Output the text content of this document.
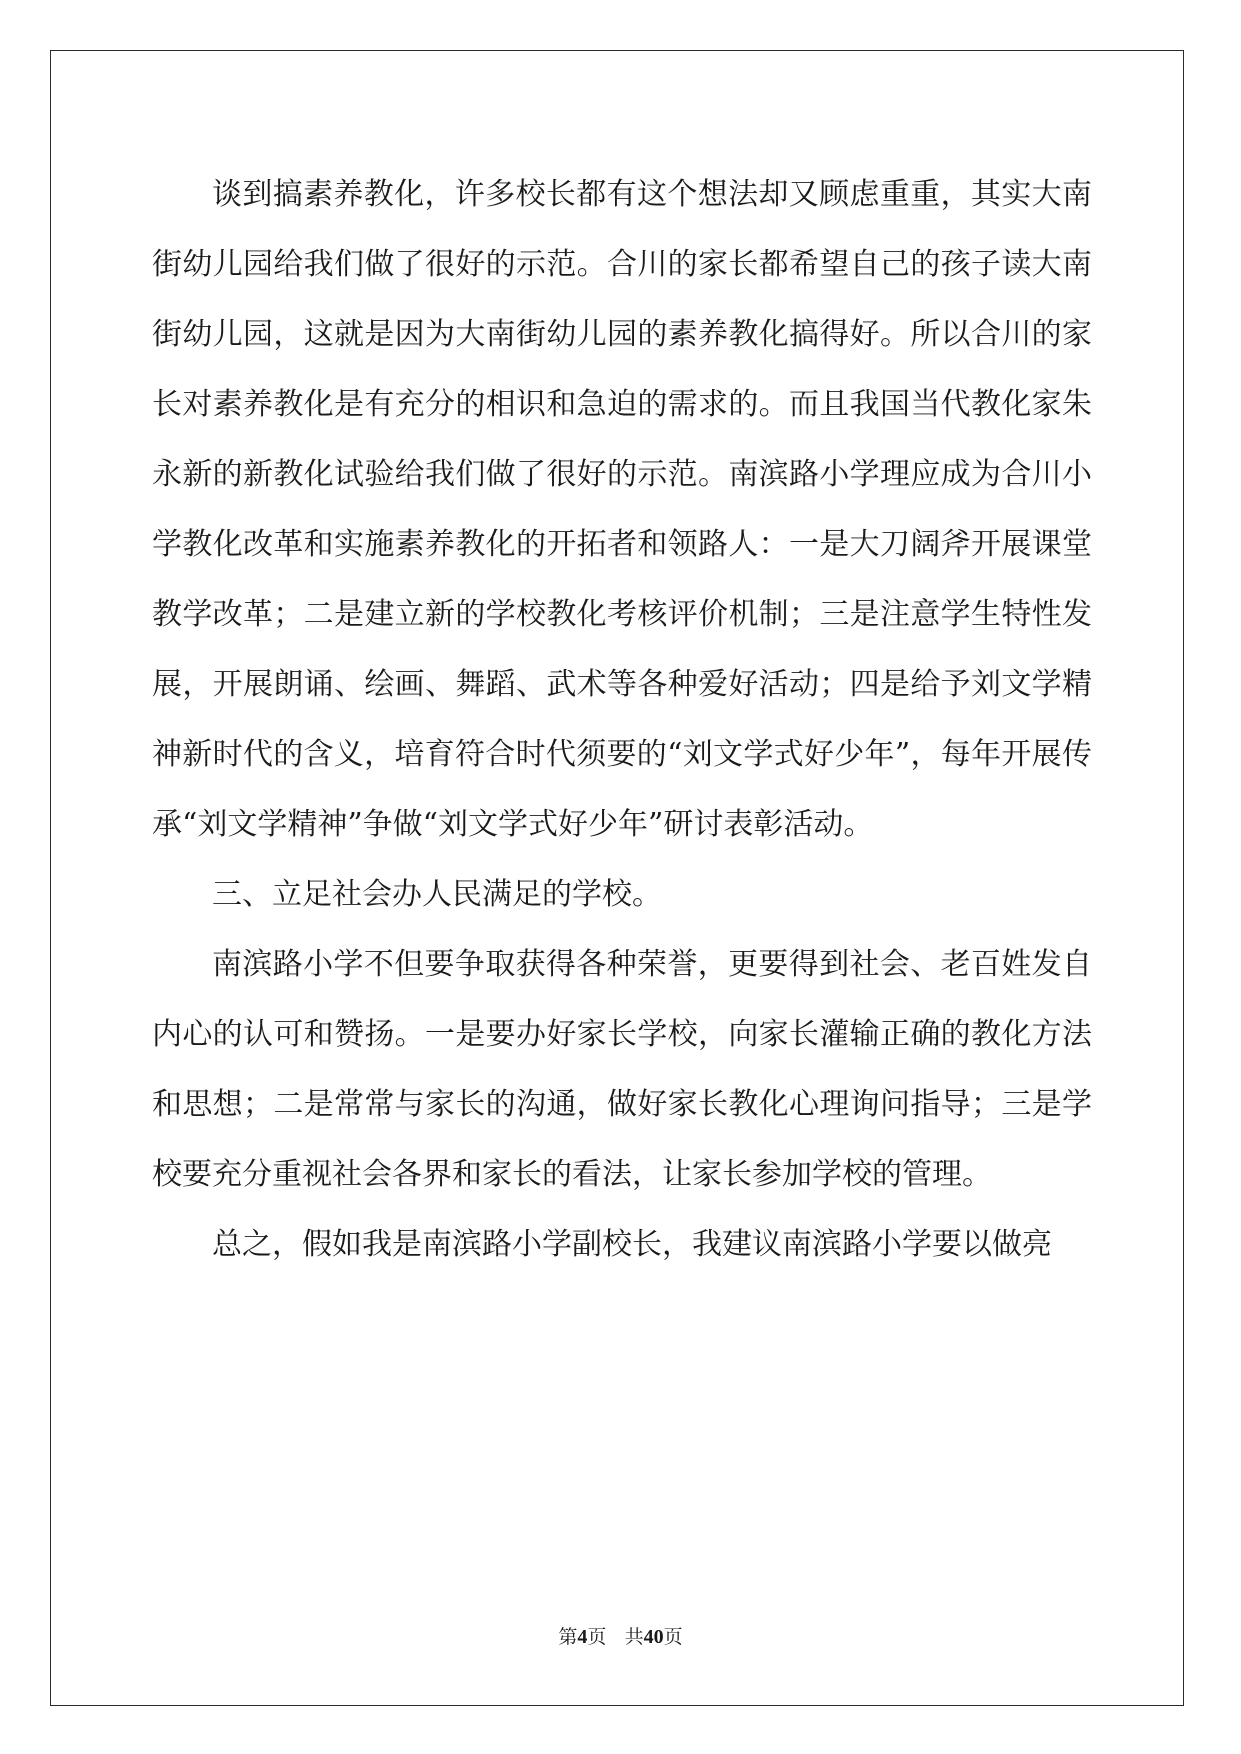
谈到搞素养教化，许多校长都有这个想法却又顾虑重重，其实大南街幼儿园给我们做了很好的示范。合川的家长都希望自己的孩子读大南街幼儿园，这就是因为大南街幼儿园的素养教化搞得好。所以合川的家长对素养教化是有充分的相识和急迫的需求的。而且我国当代教化家朱永新的新教化试验给我们做了很好的示范。南滨路小学理应成为合川小学教化改革和实施素养教化的开拓者和领路人：一是大刀阔斧开展课堂教学改革；二是建立新的学校教化考核评价机制；三是注意学生特性发展，开展朗诵、绘画、舞蹈、武术等各种爱好活动；四是给予刘文学精神新时代的含义，培育符合时代须要的“刘文学式好少年”，每年开展传承“刘文学精神”争做“刘文学式好少年”研讨表彰活动。

三、立足社会办人民满足的学校。

南滨路小学不但要争取获得各种荣誉，更要得到社会、老百姓发自内心的认可和赞扬。一是要办好家长学校，向家长灌输正确的教化方法和思想；二是常常与家长的沟通，做好家长教化心理询问指导；三是学校要充分重视社会各界和家长的看法，让家长参加学校的管理。

总之，假如我是南滨路小学副校长，我建议南滨路小学要以做亮

第4页 共40页
